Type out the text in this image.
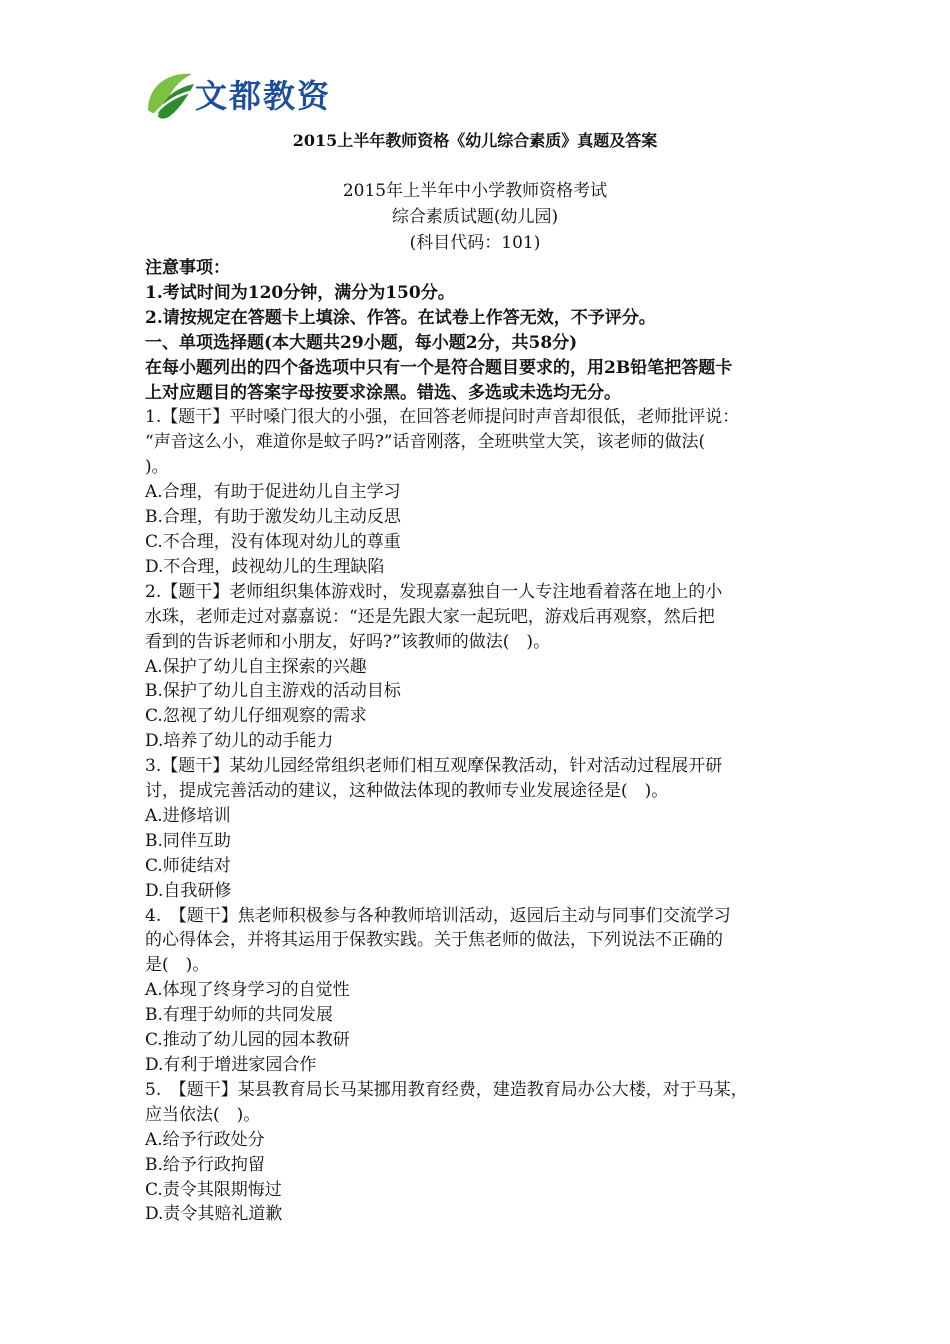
文都教资
2015上半年教师资格《幼儿综合素质》真题及答案
2015年上半年中小学教师资格考试
综合素质试题(幼儿园)
(科目代码：101)
注意事项：
1.考试时间为120分钟，满分为150分。
2.请按规定在答题卡上填涂、作答。在试卷上作答无效，不予评分。
一、单项选择题(本大题共29小题，每小题2分，共58分)
在每小题列出的四个备选项中只有一个是符合题目要求的，用2B铅笔把答题卡
上对应题目的答案字母按要求涂黑。错选、多选或未选均无分。
1.【题干】平时嗓门很大的小强，在回答老师提问时声音却很低，老师批评说：
“声音这么小，难道你是蚊子吗?”话音刚落，全班哄堂大笑，该老师的做法(
)。
A.合理，有助于促进幼儿自主学习
B.合理，有助于激发幼儿主动反思
C.不合理，没有体现对幼儿的尊重
D.不合理，歧视幼儿的生理缺陷
2.【题干】老师组织集体游戏时，发现嘉嘉独自一人专注地看着落在地上的小
水珠，老师走过对嘉嘉说：“还是先跟大家一起玩吧，游戏后再观察，然后把
看到的告诉老师和小朋友，好吗?”该教师的做法(　)。
A.保护了幼儿自主探索的兴趣
B.保护了幼儿自主游戏的活动目标
C.忽视了幼儿仔细观察的需求
D.培养了幼儿的动手能力
3.【题干】某幼儿园经常组织老师们相互观摩保教活动，针对活动过程展开研
讨，提成完善活动的建议，这种做法体现的教师专业发展途径是(　)。
A.进修培训
B.同伴互助
C.师徒结对
D.自我研修
4.　【题干】焦老师积极参与各种教师培训活动，返园后主动与同事们交流学习
的心得体会，并将其运用于保教实践。关于焦老师的做法，下列说法不正确的
是(　)。
A.体现了终身学习的自觉性
B.有理于幼师的共同发展
C.推动了幼儿园的园本教研
D.有利于增进家园合作
5.　【题干】某县教育局长马某挪用教育经费，建造教育局办公大楼，对于马某，
应当依法(　)。
A.给予行政处分
B.给予行政拘留
C.责令其限期悔过
D.责令其赔礼道歉
